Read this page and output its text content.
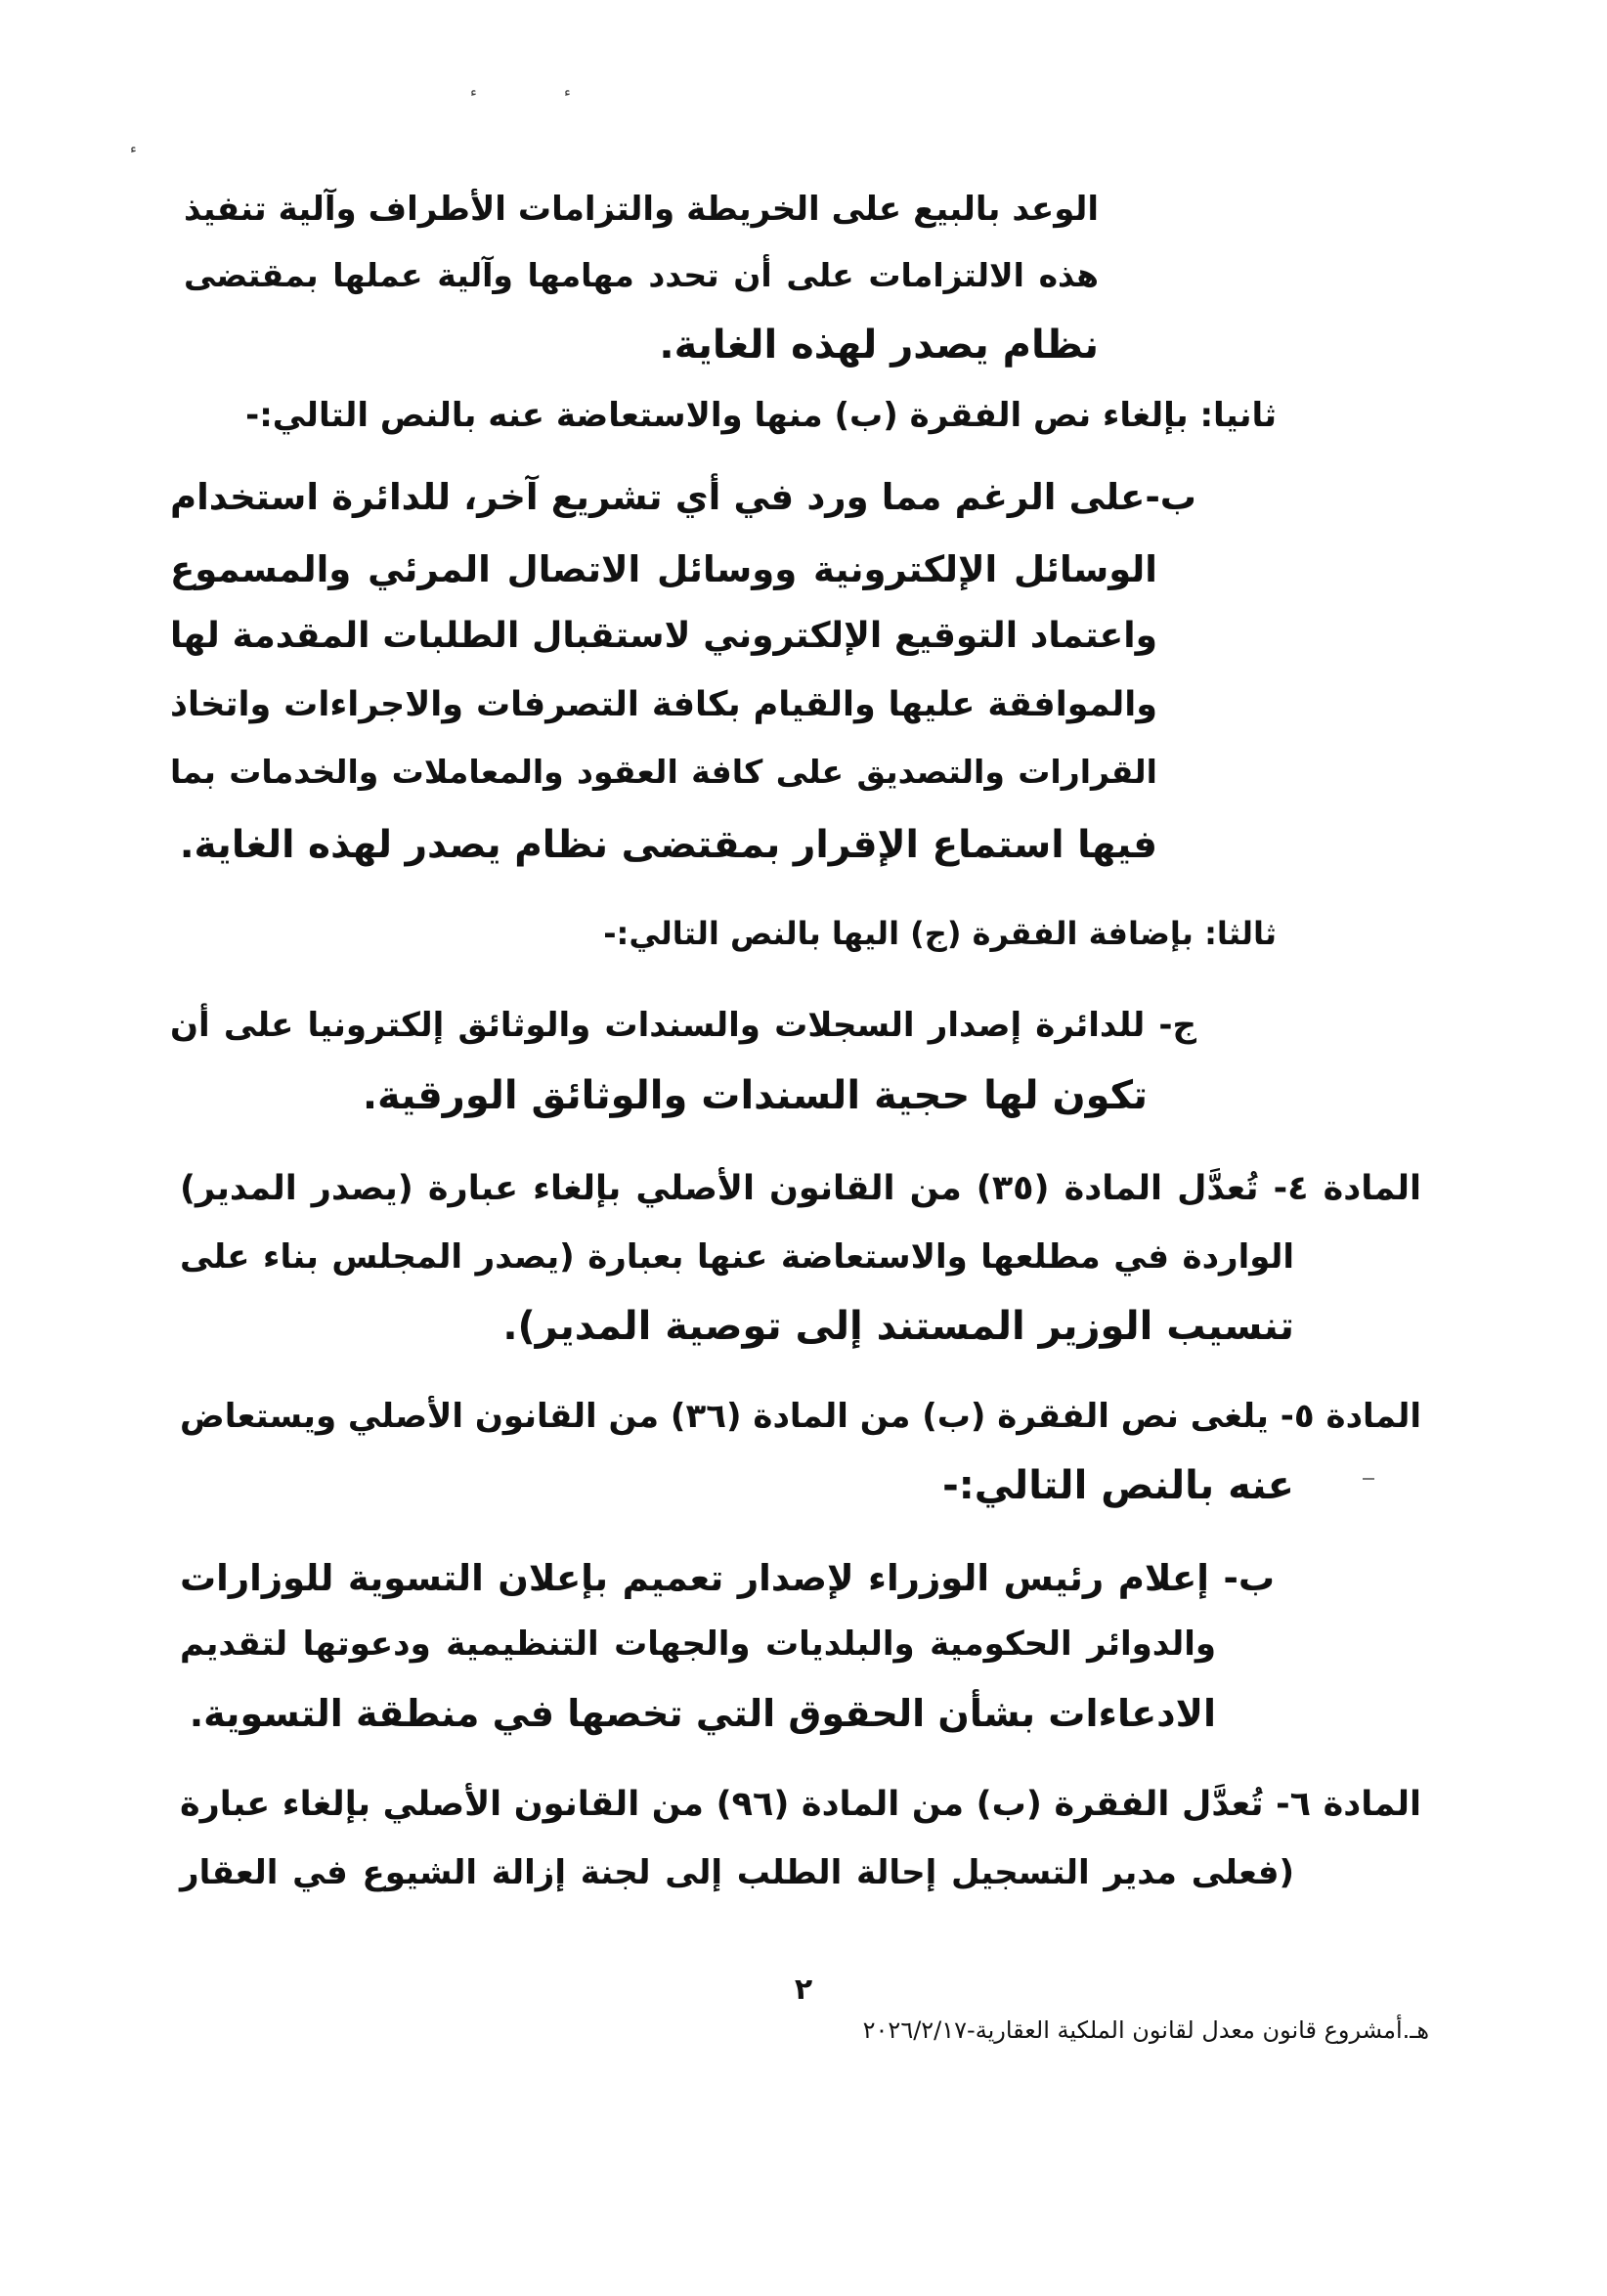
الوعد بالبيع على الخريطة والتزامات الأطراف وآلية تنفيذ
هذه الالتزامات على أن تحدد مهامها وآلية عملها بمقتضى
نظام يصدر لهذه الغاية.
ثانيا: بإلغاء نص الفقرة (ب) منها والاستعاضة عنه بالنص التالي:-
ب-على الرغم مما ورد في أي تشريع آخر، للدائرة استخدام
الوسائل الإلكترونية ووسائل الاتصال المرئي والمسموع
واعتماد التوقيع الإلكتروني لاستقبال الطلبات المقدمة لها
والموافقة عليها والقيام بكافة التصرفات والاجراءات واتخاذ
القرارات والتصديق على كافة العقود والمعاملات والخدمات بما
فيها استماع الإقرار بمقتضى نظام يصدر لهذه الغاية.
ثالثا: بإضافة الفقرة (ج) اليها بالنص التالي:-
ج- للدائرة إصدار السجلات والسندات والوثائق إلكترونيا على أن
تكون لها حجية السندات والوثائق الورقية.
المادة ٤- تُعدَّل المادة (٣٥) من القانون الأصلي بإلغاء عبارة (يصدر المدير)
الواردة في مطلعها والاستعاضة عنها بعبارة (يصدر المجلس بناء على
تنسيب الوزير المستند إلى توصية المدير).
المادة ٥- يلغى نص الفقرة (ب) من المادة (٣٦) من القانون الأصلي ويستعاض
عنه بالنص التالي:-
ب- إعلام رئيس الوزراء لإصدار تعميم بإعلان التسوية للوزارات
والدوائر الحكومية والبلديات والجهات التنظيمية ودعوتها لتقديم
الادعاءات بشأن الحقوق التي تخصها في منطقة التسوية.
المادة ٦- تُعدَّل الفقرة (ب) من المادة (٩٦) من القانون الأصلي بإلغاء عبارة
(فعلى مدير التسجيل إحالة الطلب إلى لجنة إزالة الشيوع في العقار
٢
هـ.أمشروع قانون معدل لقانون الملكية العقارية-٢٠٢٦/٢/١٧
